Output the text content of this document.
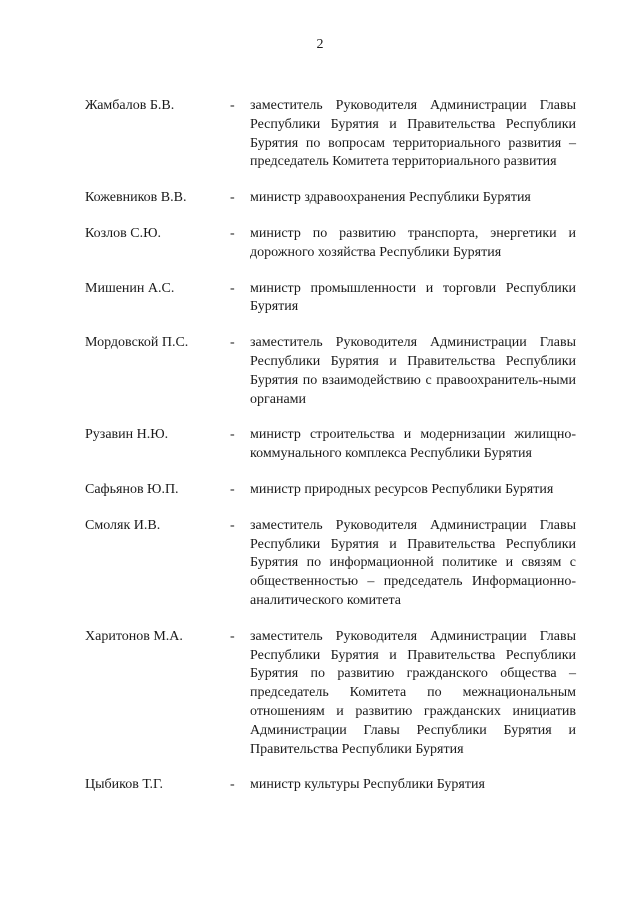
2
Жамбалов Б.В.	- заместитель Руководителя Администрации Главы Республики Бурятия и Правительства Республики Бурятия по вопросам территориального развития – председатель Комитета территориального развития
Кожевников В.В.	- министр здравоохранения Республики Бурятия
Козлов С.Ю.	- министр по развитию транспорта, энергетики и дорожного хозяйства Республики Бурятия
Мишенин А.С.	- министр промышленности и торговли Республики Бурятия
Мордовской П.С.	- заместитель Руководителя Администрации Главы Республики Бурятия и Правительства Республики Бурятия по взаимодействию с правоохранитель-ными органами
Рузавин Н.Ю.	- министр строительства и модернизации жилищно-коммунального комплекса Республики Бурятия
Сафьянов Ю.П.	- министр природных ресурсов Республики Бурятия
Смоляк И.В.	- заместитель Руководителя Администрации Главы Республики Бурятия и Правительства Республики Бурятия по информационной политике и связям с общественностью – председатель Информационно-аналитического комитета
Харитонов М.А.	- заместитель Руководителя Администрации Главы Республики Бурятия и Правительства Республики Бурятия по развитию гражданского общества – председатель Комитета по межнациональным отношениям и развитию гражданских инициатив Администрации Главы Республики Бурятия и Правительства Республики Бурятия
Цыбиков Т.Г.	- министр культуры Республики Бурятия
